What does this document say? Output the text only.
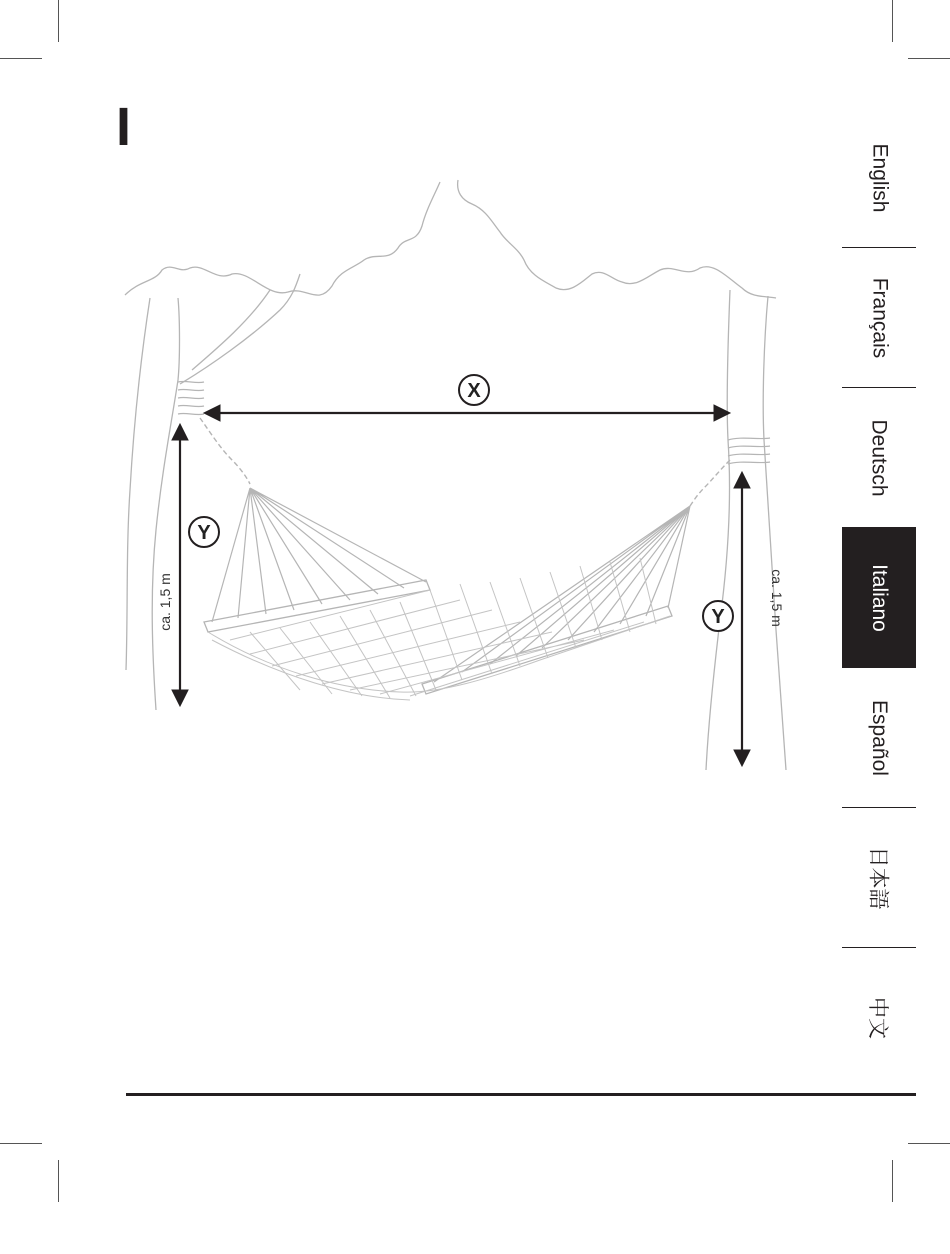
I
X
Y
ca. 1,5 m	Y	ca. 1,5 m
English
Français
Deutsch
Italiano
Español
日本語
中文
